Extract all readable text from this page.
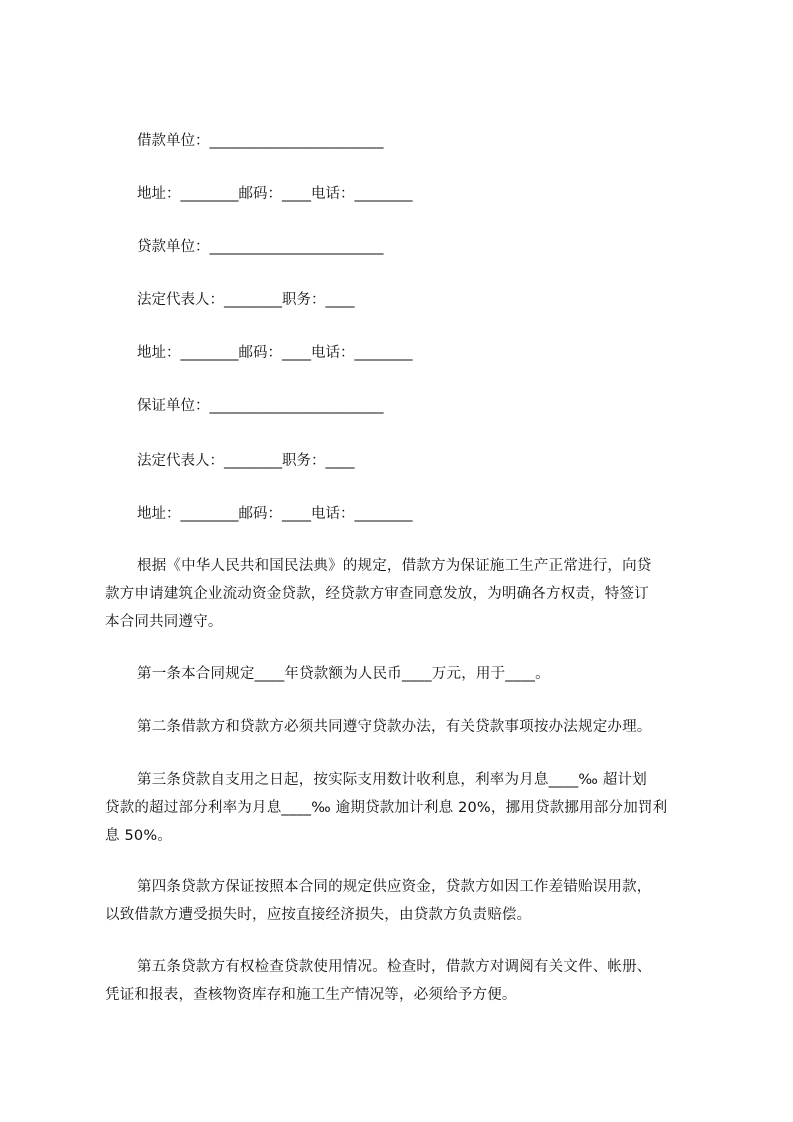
借款单位：________________________
地址：________邮码：____电话：________
贷款单位：________________________
法定代表人：________职务：____
地址：________邮码：____电话：________
保证单位：________________________
法定代表人：________职务：____
地址：________邮码：____电话：________
根据《中华人民共和国民法典》的规定，借款方为保证施工生产正常进行，向贷
款方申请建筑企业流动资金贷款，经贷款方审查同意发放，为明确各方权责，特签订
本合同共同遵守。
第一条本合同规定____年贷款额为人民币____万元，用于____。
第二条借款方和贷款方必须共同遵守贷款办法，有关贷款事项按办法规定办理。
第三条贷款自支用之日起，按实际支用数计收利息，利率为月息____‰ 超计划
贷款的超过部分利率为月息____‰ 逾期贷款加计利息 20%，挪用贷款挪用部分加罚利
息 50%。
第四条贷款方保证按照本合同的规定供应资金，贷款方如因工作差错贻误用款，
以致借款方遭受损失时，应按直接经济损失，由贷款方负责赔偿。
第五条贷款方有权检查贷款使用情况。检查时，借款方对调阅有关文件、帐册、
凭证和报表，查核物资库存和施工生产情况等，必须给予方便。
